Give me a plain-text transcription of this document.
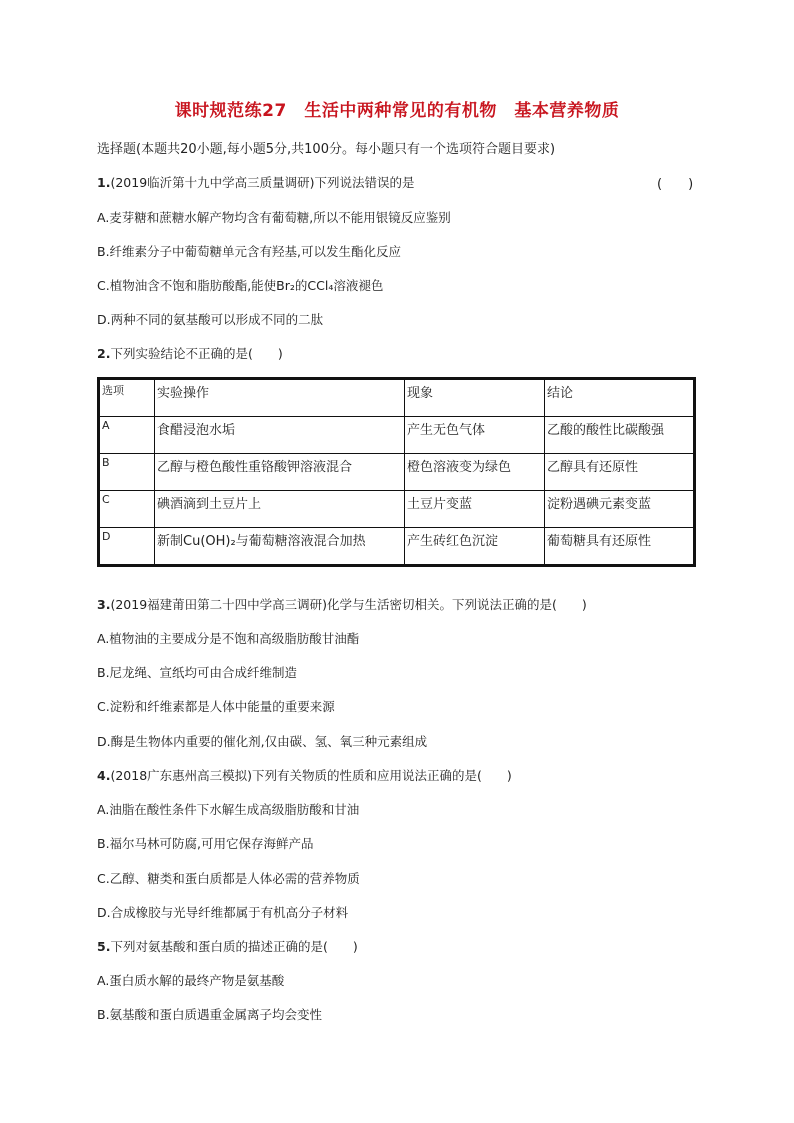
课时规范练27　生活中两种常见的有机物　基本营养物质
选择题(本题共20小题,每小题5分,共100分。每小题只有一个选项符合题目要求)
1.(2019临沂第十九中学高三质量调研)下列说法错误的是	(　　)
A.麦芽糖和蔗糖水解产物均含有葡萄糖,所以不能用银镜反应鉴别
B.纤维素分子中葡萄糖单元含有羟基,可以发生酯化反应
C.植物油含不饱和脂肪酸酯,能使Br₂的CCl₄溶液褪色
D.两种不同的氨基酸可以形成不同的二肽
2.下列实验结论不正确的是(　　)
选项	实验操作	现象	结论
A	食醋浸泡水垢	产生无色气体	乙酸的酸性比碳酸强
B	乙醇与橙色酸性重铬酸钾溶液混合	橙色溶液变为绿色	乙醇具有还原性
C	碘酒滴到土豆片上	土豆片变蓝	淀粉遇碘元素变蓝
D	新制Cu(OH)₂与葡萄糖溶液混合加热	产生砖红色沉淀	葡萄糖具有还原性
3.(2019福建莆田第二十四中学高三调研)化学与生活密切相关。下列说法正确的是(　　)
A.植物油的主要成分是不饱和高级脂肪酸甘油酯
B.尼龙绳、宣纸均可由合成纤维制造
C.淀粉和纤维素都是人体中能量的重要来源
D.酶是生物体内重要的催化剂,仅由碳、氢、氧三种元素组成
4.(2018广东惠州高三模拟)下列有关物质的性质和应用说法正确的是(　　)
A.油脂在酸性条件下水解生成高级脂肪酸和甘油
B.福尔马林可防腐,可用它保存海鲜产品
C.乙醇、糖类和蛋白质都是人体必需的营养物质
D.合成橡胶与光导纤维都属于有机高分子材料
5.下列对氨基酸和蛋白质的描述正确的是(　　)
A.蛋白质水解的最终产物是氨基酸
B.氨基酸和蛋白质遇重金属离子均会变性
